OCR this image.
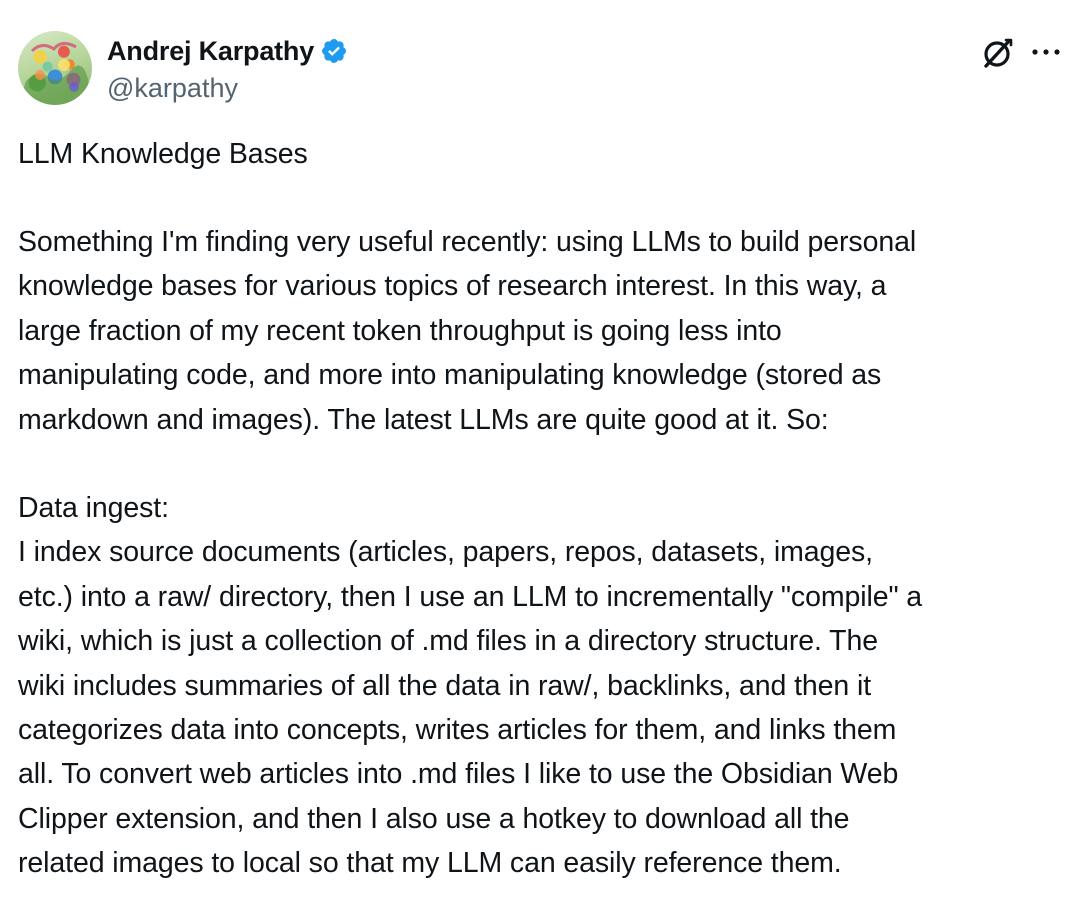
Andrej Karpathy
@karpathy
LLM Knowledge Bases
Something I'm finding very useful recently: using LLMs to build personal
knowledge bases for various topics of research interest. In this way, a
large fraction of my recent token throughput is going less into
manipulating code, and more into manipulating knowledge (stored as
markdown and images). The latest LLMs are quite good at it. So:
Data ingest:
I index source documents (articles, papers, repos, datasets, images,
etc.) into a raw/ directory, then I use an LLM to incrementally "compile" a
wiki, which is just a collection of .md files in a directory structure. The
wiki includes summaries of all the data in raw/, backlinks, and then it
categorizes data into concepts, writes articles for them, and links them
all. To convert web articles into .md files I like to use the Obsidian Web
Clipper extension, and then I also use a hotkey to download all the
related images to local so that my LLM can easily reference them.
